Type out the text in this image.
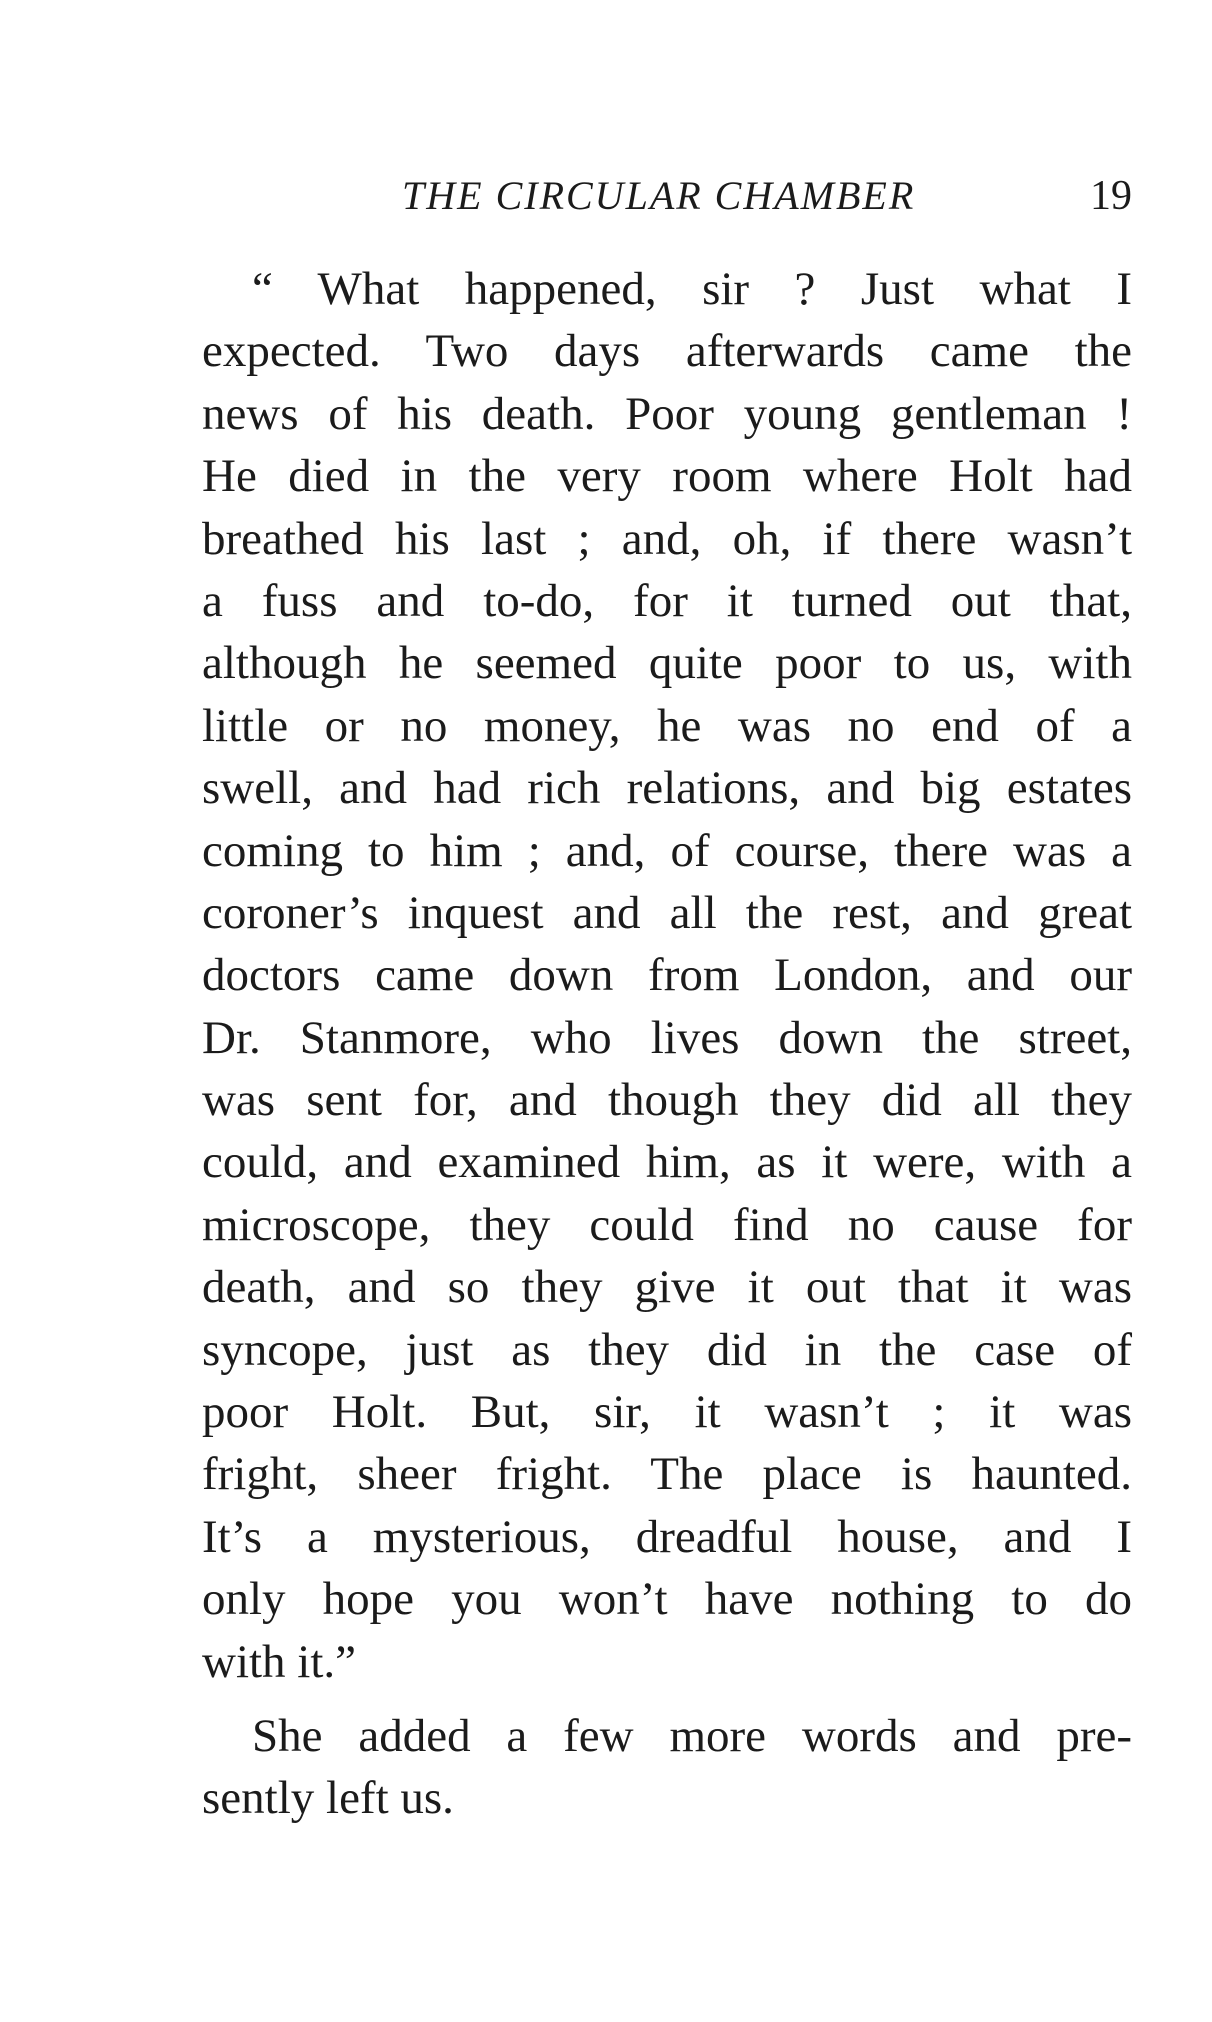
THE CIRCULAR CHAMBER	19
“ What happened, sir ? Just what I
expected. Two days afterwards came the
news of his death. Poor young gentleman !
He died in the very room where Holt had
breathed his last ; and, oh, if there wasn’t
a fuss and to-do, for it turned out that,
although he seemed quite poor to us, with
little or no money, he was no end of a
swell, and had rich relations, and big estates
coming to him ; and, of course, there was a
coroner’s inquest and all the rest, and great
doctors came down from London, and our
Dr. Stanmore, who lives down the street,
was sent for, and though they did all they
could, and examined him, as it were, with a
microscope, they could find no cause for
death, and so they give it out that it was
syncope, just as they did in the case of
poor Holt. But, sir, it wasn’t ; it was
fright, sheer fright. The place is haunted.
It’s a mysterious, dreadful house, and I
only hope you won’t have nothing to do
with it.”
She added a few more words and pre-
sently left us.
